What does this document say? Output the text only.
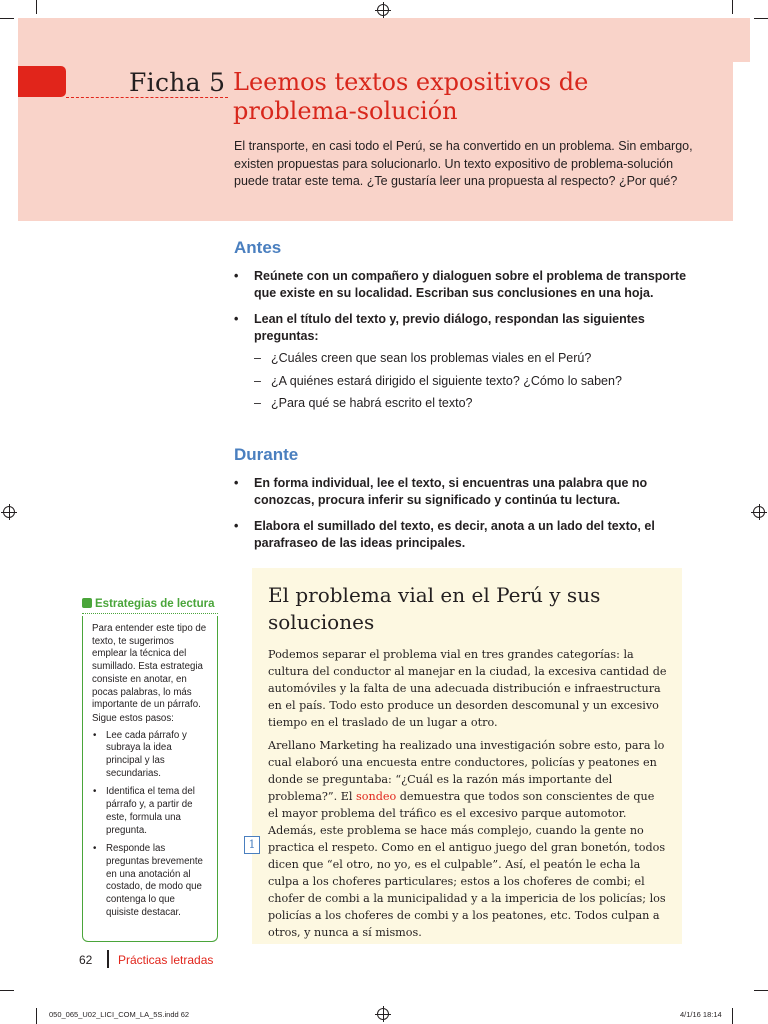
Ficha 5 Leemos textos expositivos de problema-solución
El transporte, en casi todo el Perú, se ha convertido en un problema. Sin embargo, existen propuestas para solucionarlo. Un texto expositivo de problema-solución puede tratar este tema. ¿Te gustaría leer una propuesta al respecto? ¿Por qué?
Antes
• Reúnete con un compañero y dialoguen sobre el problema de transporte que existe en su localidad. Escriban sus conclusiones en una hoja.
• Lean el título del texto y, previo diálogo, respondan las siguientes preguntas:
– ¿Cuáles creen que sean los problemas viales en el Perú?
– ¿A quiénes estará dirigido el siguiente texto? ¿Cómo lo saben?
– ¿Para qué se habrá escrito el texto?
Durante
• En forma individual, lee el texto, si encuentras una palabra que no conozcas, procura inferir su significado y continúa tu lectura.
• Elabora el sumillado del texto, es decir, anota a un lado del texto, el parafraseo de las ideas principales.
Estrategias de lectura

Para entender este tipo de texto, te sugerimos emplear la técnica del sumillado. Esta estrategia consiste en anotar, en pocas palabras, lo más importante de un párrafo.

Sigue estos pasos:

• Lee cada párrafo y subraya la idea principal y las secundarias.
• Identifica el tema del párrafo y, a partir de este, formula una pregunta.
• Responde las preguntas brevemente en una anotación al costado, de modo que contenga lo que quisiste destacar.
El problema vial en el Perú y sus soluciones

Podemos separar el problema vial en tres grandes categorías: la cultura del conductor al manejar en la ciudad, la excesiva cantidad de automóviles y la falta de una adecuada distribución e infraestructura en el país. Todo esto produce un desorden descomunal y un excesivo tiempo en el traslado de un lugar a otro.

Arellano Marketing ha realizado una investigación sobre esto, para lo cual elaboró una encuesta entre conductores, policías y peatones en donde se preguntaba: “¿Cuál es la razón más importante del problema?”. El sondeo demuestra que todos son conscientes de que el mayor problema del tráfico es el excesivo parque automotor. Además, este problema se hace más complejo, cuando la gente no practica el respeto. Como en el antiguo juego del gran bonetón, todos dicen que “el otro, no yo, es el culpable”. Así, el peatón le echa la culpa a los choferes particulares; estos a los choferes de combi; el chofer de combi a la municipalidad y a la impericia de los policías; los policías a los choferes de combi y a los peatones, etc. Todos culpan a otros, y nunca a sí mismos.

1
62 Prácticas letradas
050_065_U02_LICI_COM_LA_5S.indd 62	4/1/16 18:14
